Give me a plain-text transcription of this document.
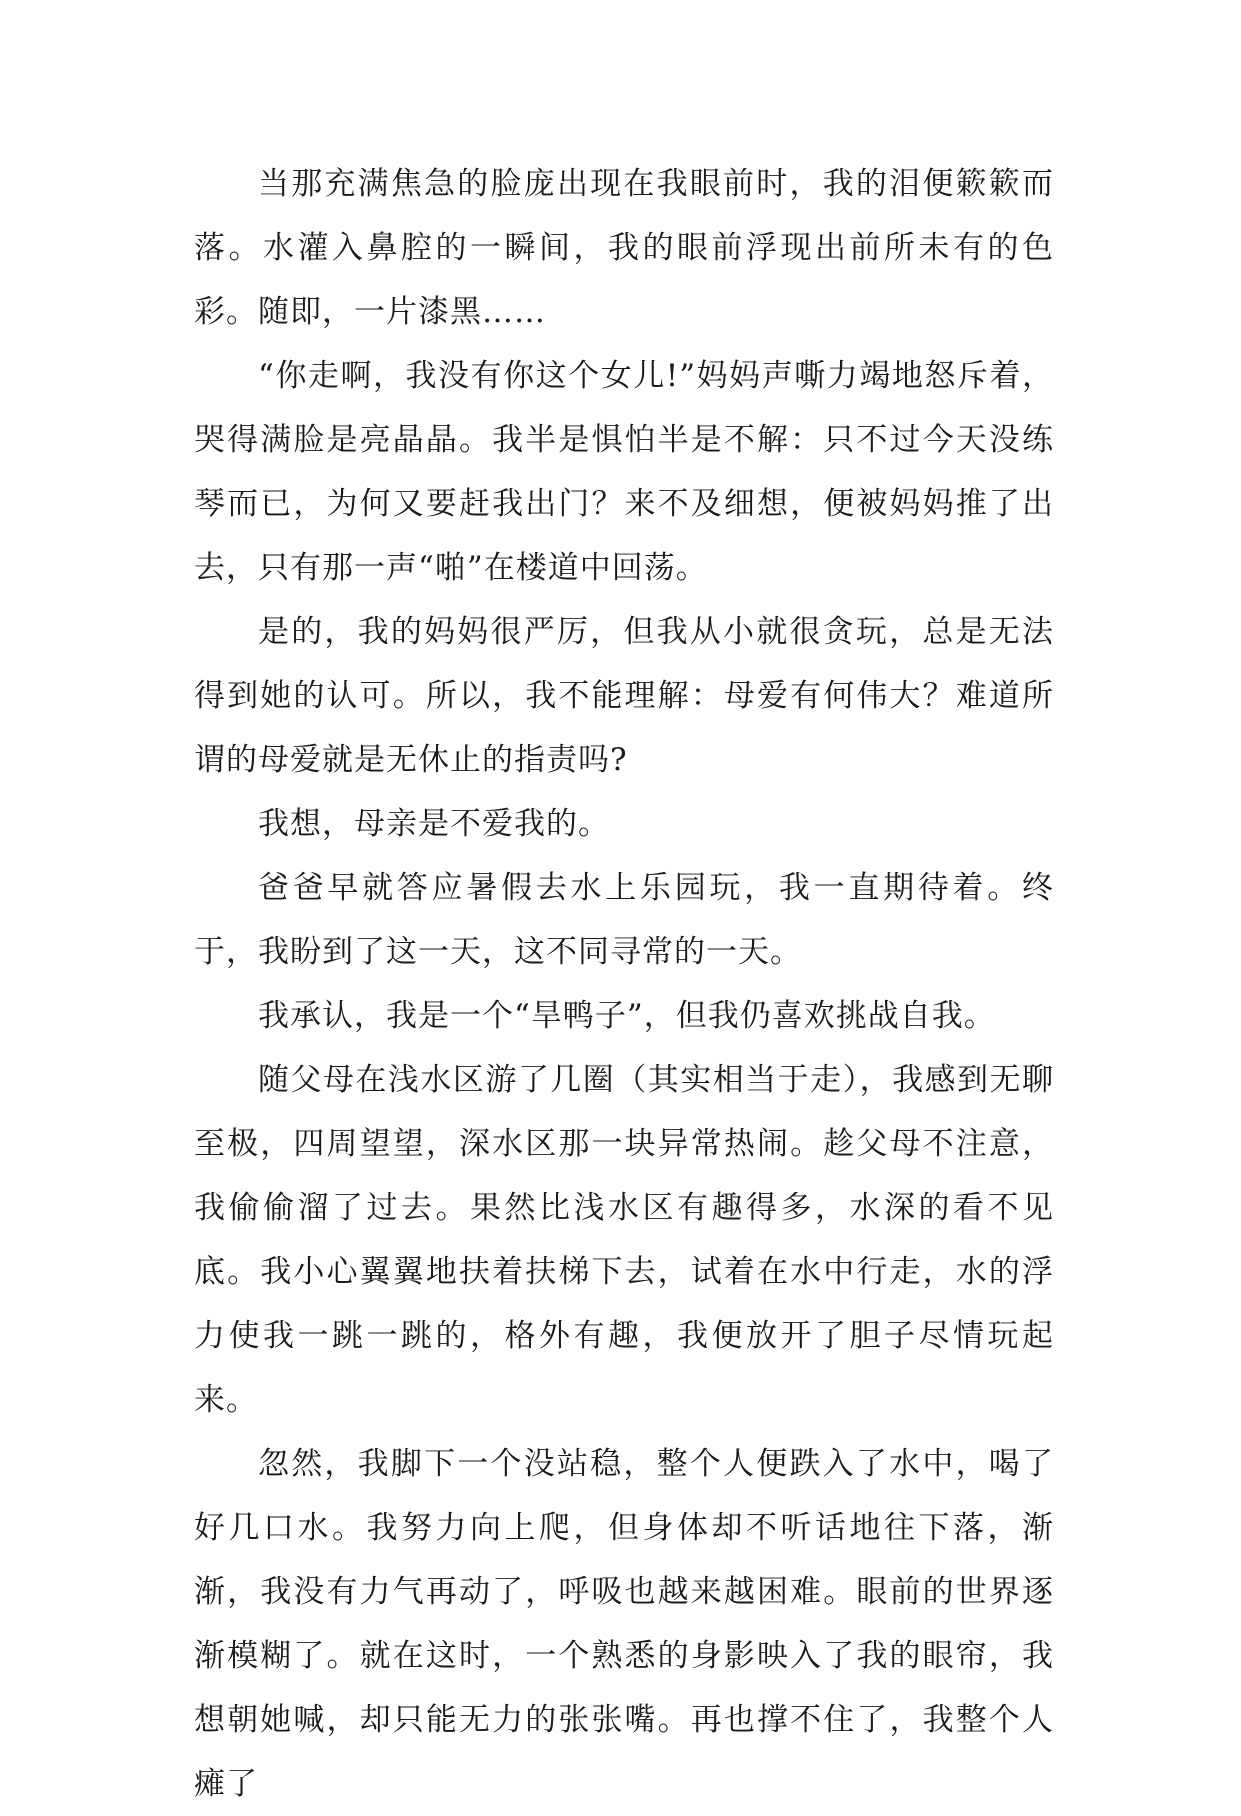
当那充满焦急的脸庞出现在我眼前时，我的泪便簌簌而落。水灌入鼻腔的一瞬间，我的眼前浮现出前所未有的色彩。随即，一片漆黑……

“你走啊，我没有你这个女儿!”妈妈声嘶力竭地怒斥着，哭得满脸是亮晶晶。我半是惧怕半是不解：只不过今天没练琴而已，为何又要赶我出门？来不及细想，便被妈妈推了出去，只有那一声“啪”在楼道中回荡。

是的，我的妈妈很严厉，但我从小就很贪玩，总是无法得到她的认可。所以，我不能理解：母爱有何伟大？难道所谓的母爱就是无休止的指责吗?

我想，母亲是不爱我的。

爸爸早就答应暑假去水上乐园玩，我一直期待着。终于，我盼到了这一天，这不同寻常的一天。

我承认，我是一个“旱鸭子”，但我仍喜欢挑战自我。

随父母在浅水区游了几圈（其实相当于走），我感到无聊至极，四周望望，深水区那一块异常热闹。趁父母不注意，我偷偷溜了过去。果然比浅水区有趣得多，水深的看不见底。我小心翼翼地扶着扶梯下去，试着在水中行走，水的浮力使我一跳一跳的，格外有趣，我便放开了胆子尽情玩起来。

忽然，我脚下一个没站稳，整个人便跌入了水中，喝了好几口水。我努力向上爬，但身体却不听话地往下落，渐渐，我没有力气再动了，呼吸也越来越困难。眼前的世界逐渐模糊了。就在这时，一个熟悉的身影映入了我的眼帘，我想朝她喊，却只能无力的张张嘴。再也撑不住了，我整个人瘫了
